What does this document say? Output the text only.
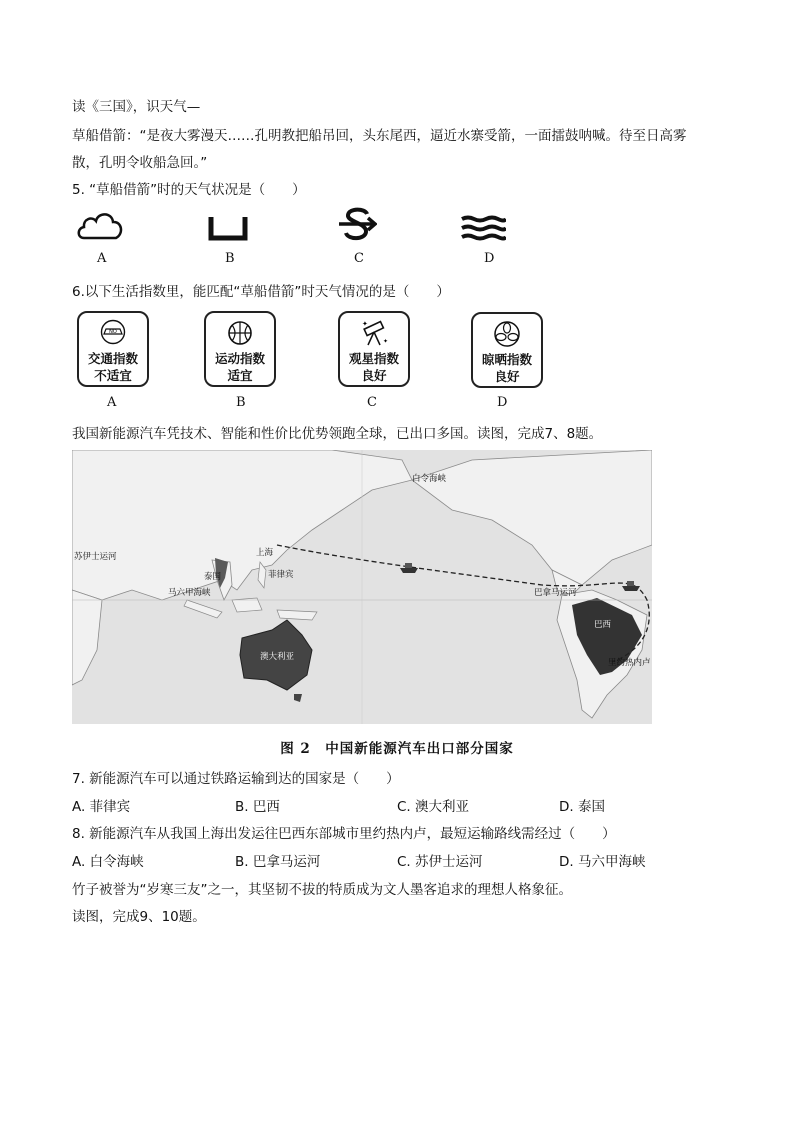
读《三国》，识天气—
草船借箭：“是夜大雾漫天……孔明教把船吊回，头东尾西，逼近水寨受箭，一面擂鼓呐喊。待至日高雾
散，孔明令收船急回。”
5. “草船借箭”时的天气状况是（　　）
A	B	C	D
6.以下生活指数里，能匹配“草船借箭”时天气情况的是（　　）
NO
交通指数
不适宜
A
运动指数
适宜
B
✦
✦
观星指数
良好
C
晾晒指数
良好
D
我国新能源汽车凭技术、智能和性价比优势领跑全球，已出口多国。读图，完成7、8题。
白令海峡
苏伊士运河	上海
泰国	菲律宾
马六甲海峡
澳大利亚
巴拿马运河
巴西
里约热内卢
图 2　中国新能源汽车出口部分国家
7. 新能源汽车可以通过铁路运输到达的国家是（　　）
A. 菲律宾	B. 巴西	C. 澳大利亚	D. 泰国
8. 新能源汽车从我国上海出发运往巴西东部城市里约热内卢，最短运输路线需经过（　　）
A. 白令海峡	B. 巴拿马运河	C. 苏伊士运河	D. 马六甲海峡
竹子被誉为“岁寒三友”之一，其坚韧不拔的特质成为文人墨客追求的理想人格象征。
读图，完成9、10题。
